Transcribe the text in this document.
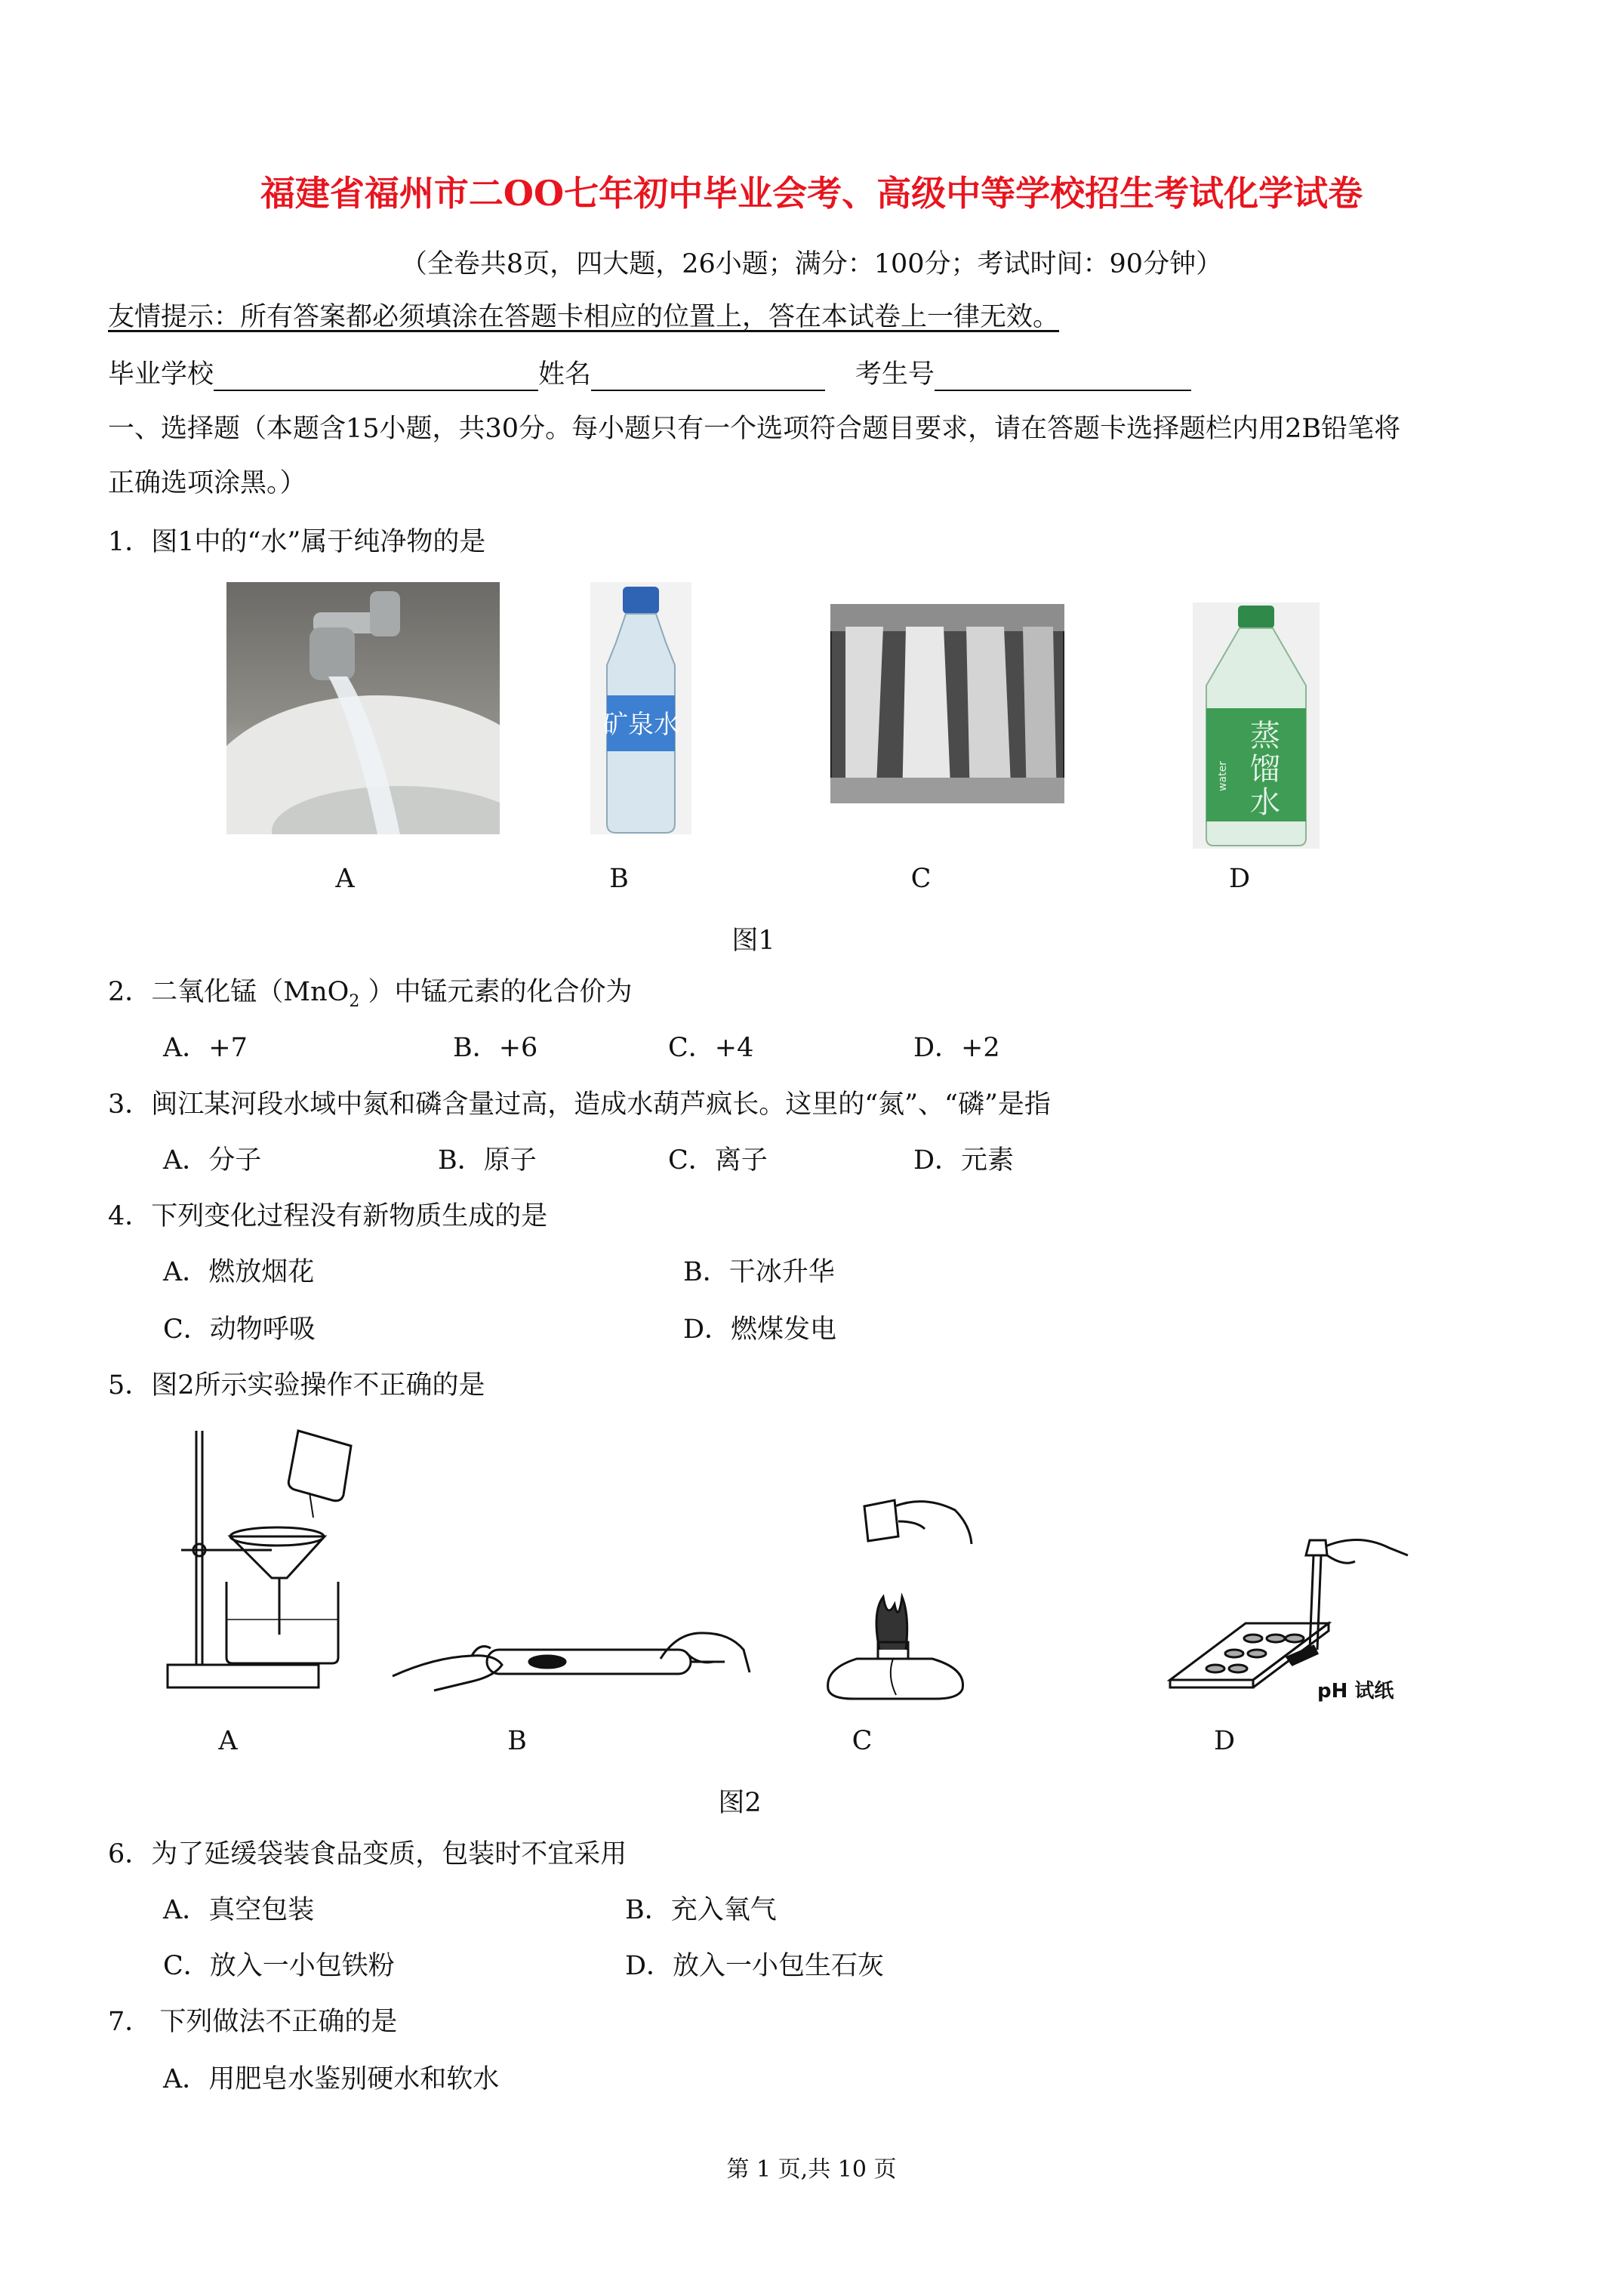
福建省福州市二OO七年初中毕业会考、高级中等学校招生考试化学试卷
（全卷共8页，四大题，26小题；满分：100分；考试时间：90分钟）
友情提示：所有答案都必须填涂在答题卡相应的位置上，答在本试卷上一律无效。
毕业学校	姓名	考生号
一、选择题（本题含15小题，共30分。每小题只有一个选项符合题目要求，请在答题卡选择题栏内用2B铅笔将
正确选项涂黑。）
1．图1中的“水”属于纯净物的是
A
矿泉水
B	C
蒸
馏
水
water
D
图1
2．二氧化锰（MnO$_2$ ）中锰元素的化合价为
A．+7	B．+6	C．+4	D．+2
3．闽江某河段水域中氮和磷含量过高，造成水葫芦疯长。这里的“氮”、“磷”是指
A．分子	B．原子	C．离子	D．元素
4．下列变化过程没有新物质生成的是
A．燃放烟花	B．干冰升华
C．动物呼吸	D．燃煤发电
5．图2所示实验操作不正确的是
A	B	C
pH 试纸
D
图2
6．为了延缓袋装食品变质，包装时不宜采用
A．真空包装	B．充入氧气
C．放入一小包铁粉	D．放入一小包生石灰
7． 下列做法不正确的是
A．用肥皂水鉴别硬水和软水
第 1 页,共 10 页
